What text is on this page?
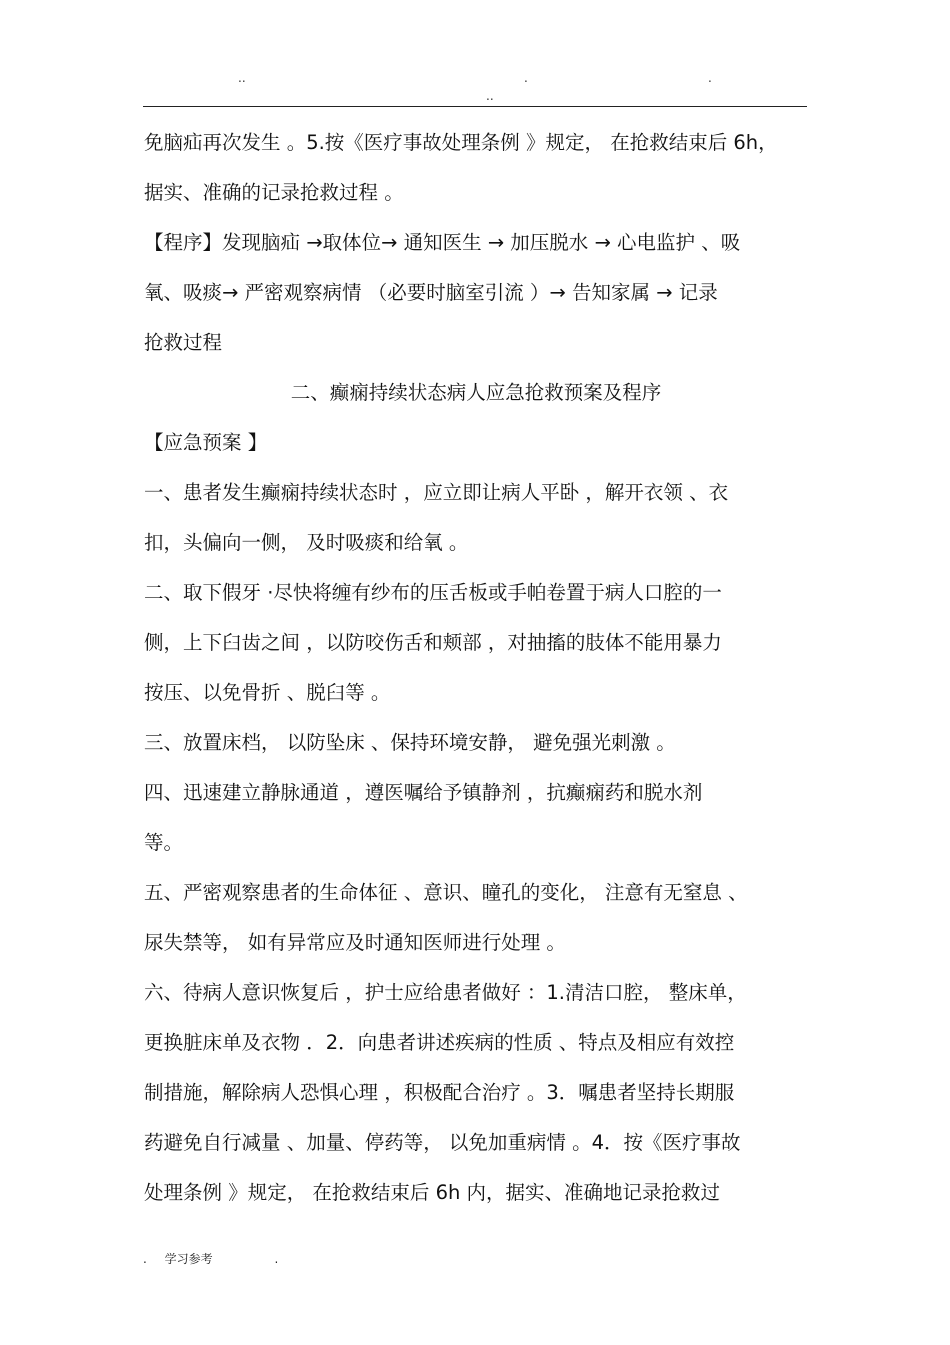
..	.	.
..
免脑疝再次发生 。5.按《医疗事故处理条例 》规定， 在抢救结束后 6h，
据实、准确的记录抢救过程 。
【程序】发现脑疝 →取体位→ 通知医生 → 加压脱水 → 心电监护 、吸
氧、吸痰→ 严密观察病情 （必要时脑室引流 ）→ 告知家属 → 记录
抢救过程
二、癫痫持续状态病人应急抢救预案及程序
【应急预案 】
一、患者发生癫痫持续状态时 ，应立即让病人平卧 ，解开衣领 、衣
扣，头偏向一侧， 及时吸痰和给氧 。
二、取下假牙 ·尽快将缠有纱布的压舌板或手帕卷置于病人口腔的一
侧，上下臼齿之间 ，以防咬伤舌和颊部 ，对抽搐的肢体不能用暴力
按压、以免骨折 、脱臼等 。
三、放置床档， 以防坠床 、保持环境安静， 避免强光刺激 。
四、迅速建立静脉通道 ，遵医嘱给予镇静剂 ，抗癫痫药和脱水剂
等。
五、严密观察患者的生命体征 、意识、瞳孔的变化， 注意有无窒息 、
尿失禁等， 如有异常应及时通知医师进行处理 。
六、待病人意识恢复后 ，护士应给患者做好 ：1.清洁口腔， 整床单，
更换脏床单及衣物 ．2．向患者讲述疾病的性质 、特点及相应有效控
制措施，解除病人恐惧心理 ，积极配合治疗 。3．嘱患者坚持长期服
药避免自行减量 、加量、停药等， 以免加重病情 。4．按《医疗事故
处理条例 》规定， 在抢救结束后 6h 内，据实、准确地记录抢救过
. 学习参考	.
